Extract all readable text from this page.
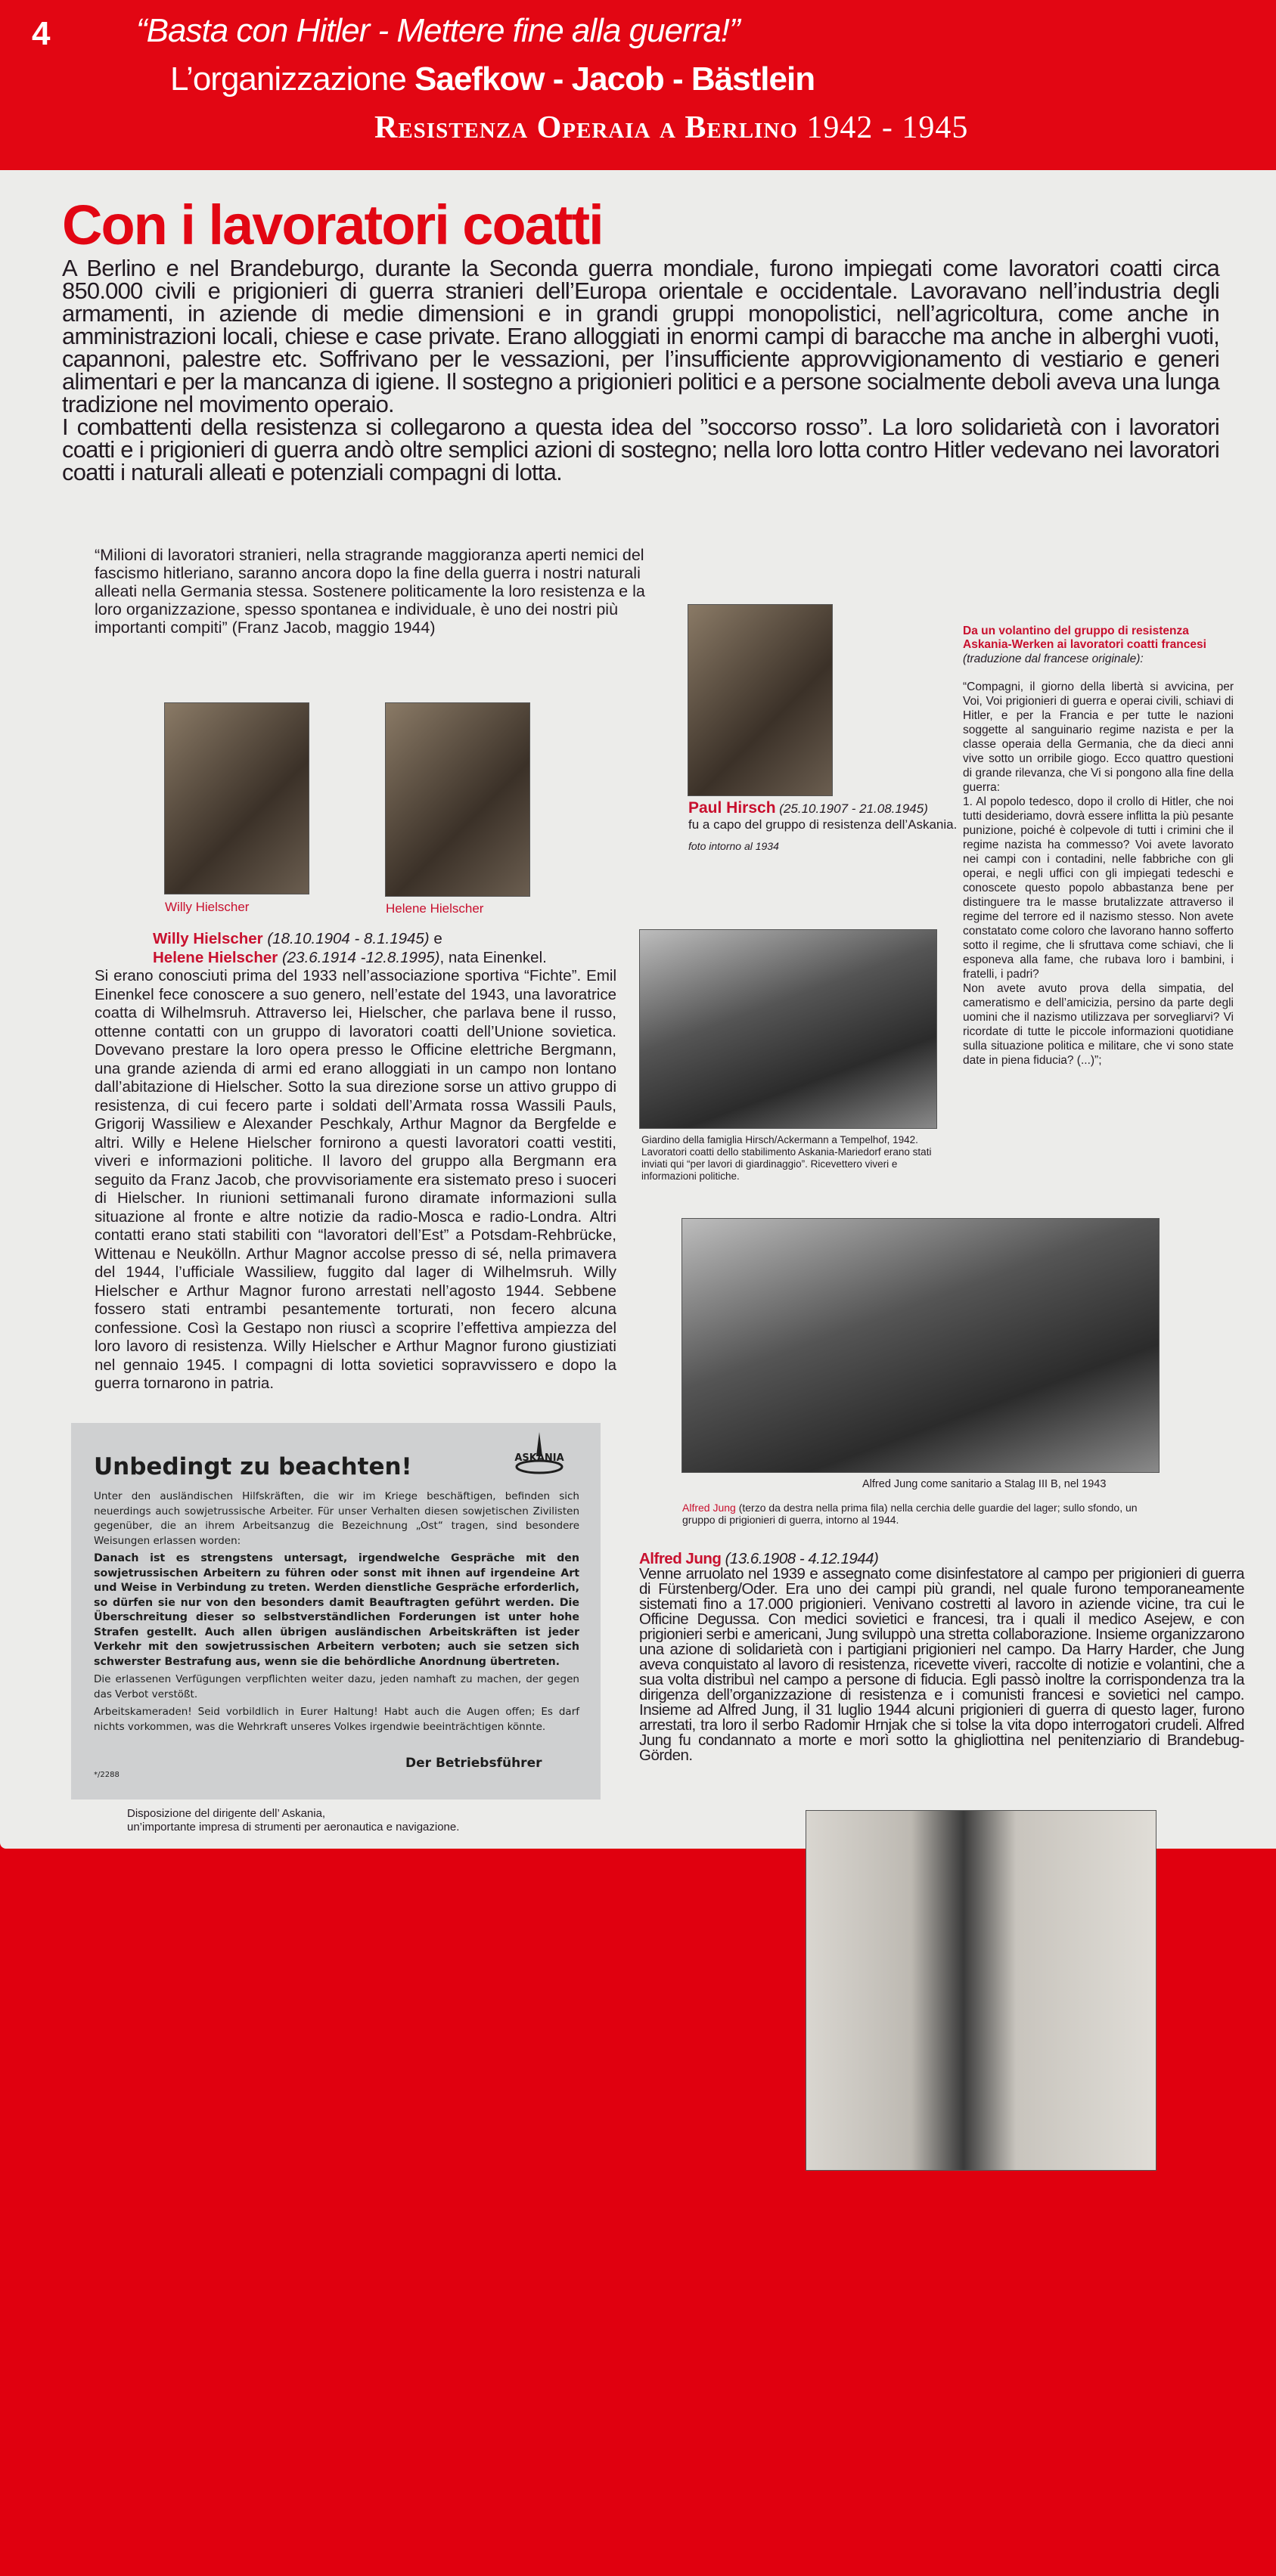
4	“Basta con Hitler - Mettere fine alla guerra!”
L’organizzazione Saefkow - Jacob - Bästlein
Resistenza Operaia a Berlino 1942 - 1945
Con i lavoratori coatti

A Berlino e nel Brandeburgo, durante la Seconda guerra mondiale, furono impiegati come lavoratori coatti circa 850.000 civili e prigionieri di guerra stranieri dell’Europa orientale e occidentale. Lavoravano nell’industria degli armamenti, in aziende di medie dimensioni e in grandi gruppi monopolistici, nell’agricoltura, come anche in amministrazioni locali, chiese e case private. Erano alloggiati in enormi campi di baracche ma anche in alberghi vuoti, capannoni, palestre etc. Soffrivano per le vessazioni, per l’insufficiente approvvigionamento di vestiario e generi alimentari e per la mancanza di igiene. Il sostegno a prigionieri politici e a persone socialmente deboli aveva una lunga tradizione nel movimento operaio.

I combattenti della resistenza si collegarono a questa idea del ”soccorso rosso”. La loro solidarietà con i lavoratori coatti e i prigionieri di guerra andò oltre semplici azioni di sostegno; nella loro lotta contro Hitler vedevano nei lavoratori coatti i naturali alleati e potenziali compagni di lotta.

“Milioni di lavoratori stranieri, nella stragrande maggioranza aperti nemici del fascismo hitleriano, saranno ancora dopo la fine della guerra i nostri naturali alleati nella Germania stessa. Sostenere politicamente la loro resistenza e la loro organizzazione, spesso spontanea e individuale, è uno dei nostri più importanti compiti” (Franz Jacob, maggio 1944)
Willy Hielscher	Helene Hielscher
Willy Hielscher (18.10.1904 - 8.1.1945) e
Helene Hielscher (23.6.1914 -12.8.1995), nata Einenkel.
Si erano conosciuti prima del 1933 nell’associazione sportiva “Fichte”. Emil Einenkel fece conoscere a suo genero, nell’estate del 1943, una lavoratrice coatta di Wilhelmsruh. Attraverso lei, Hielscher, che parlava bene il russo, ottenne contatti con un gruppo di lavoratori coatti dell’Unione sovietica. Dovevano prestare la loro opera presso le Officine elettriche Bergmann, una grande azienda di armi ed erano alloggiati in un campo non lontano dall’abitazione di Hielscher. Sotto la sua direzione sorse un attivo gruppo di resistenza, di cui fecero parte i soldati dell’Armata rossa Wassili Pauls, Grigorij Wassiliew e Alexander Peschkaly, Arthur Magnor da Bergfelde e altri. Willy e Helene Hielscher fornirono a questi lavoratori coatti vestiti, viveri e informazioni politiche. Il lavoro del gruppo alla Bergmann era seguito da Franz Jacob, che provvisoriamente era sistemato preso i suoceri di Hielscher. In riunioni settimanali furono diramate informazioni sulla situazione al fronte e altre notizie da radio-Mosca e radio-Londra. Altri contatti erano stati stabiliti con “lavoratori dell’Est” a Potsdam-Rehbrücke, Wittenau e Neukölln. Arthur Magnor accolse presso di sé, nella primavera del 1944, l’ufficiale Wassiliew, fuggito dal lager di Wilhelmsruh. Willy Hielscher e Arthur Magnor furono arrestati nell’agosto 1944. Sebbene fossero stati entrambi pesantemente torturati, non fecero alcuna confessione. Così la Gestapo non riuscì a scoprire l’effettiva ampiezza del loro lavoro di resistenza. Willy Hielscher e Arthur Magnor furono giustiziati nel gennaio 1945. I compagni di lotta sovietici sopravvissero e dopo la guerra tornarono in patria.
Unbedingt zu beachten!	ASKANIA

Unter den ausländischen Hilfskräften, die wir im Kriege beschäftigen, befinden sich neuerdings auch sowjetrussische Arbeiter. Für unser Verhalten diesen sowjetischen Zivilisten gegenüber, die an ihrem Arbeitsanzug die Bezeichnung „Ost“ tragen, sind besondere Weisungen erlassen worden:

Danach ist es strengstens untersagt, irgendwelche Gespräche mit den sowjetrussischen Arbeitern zu führen oder sonst mit ihnen auf irgendeine Art und Weise in Verbindung zu treten. Werden dienstliche Gespräche erforderlich, so dürfen sie nur von den besonders damit Beauftragten geführt werden. Die Überschreitung dieser so selbstverständlichen Forderungen ist unter hohe Strafen gestellt. Auch allen übrigen ausländischen Arbeitskräften ist jeder Verkehr mit den sowjetrussischen Arbeitern verboten; auch sie setzen sich schwerster Bestrafung aus, wenn sie die behördliche Anordnung übertreten.

Die erlassenen Verfügungen verpflichten weiter dazu, jeden namhaft zu machen, der gegen das Verbot verstößt.

Arbeitskameraden! Seid vorbildlich in Eurer Haltung! Habt auch die Augen offen; Es darf nichts vorkommen, was die Wehrkraft unseres Volkes irgendwie beeinträchtigen könnte.

Der Betriebsführer
*/2288
Disposizione del dirigente dell’ Askania,
un’importante impresa di strumenti per aeronautica e navigazione.
Paul Hirsch (25.10.1907 - 21.08.1945)
fu a capo del gruppo di resistenza dell’Askania.
foto intorno al 1934
Da un volantino del gruppo di resistenza Askania-Werken ai lavoratori coatti francesi
(traduzione dal francese originale):
“Compagni, il giorno della libertà si avvicina, per Voi, Voi prigionieri di guerra e operai civili, schiavi di Hitler, e per la Francia e per tutte le nazioni soggette al sanguinario regime nazista e per la classe operaia della Germania, che da dieci anni vive sotto un orribile giogo. Ecco quattro questioni di grande rilevanza, che Vi si pongono alla fine della guerra:
1. Al popolo tedesco, dopo il crollo di Hitler, che noi tutti desideriamo, dovrà essere inflitta la più pesante punizione, poiché è colpevole di tutti i crimini che il regime nazista ha commesso? Voi avete lavorato nei campi con i contadini, nelle fabbriche con gli operai, e negli uffici con gli impiegati tedeschi e conoscete questo popolo abbastanza bene per distinguere tra le masse brutalizzate attraverso il regime del terrore ed il nazismo stesso. Non avete constatato come coloro che lavorano hanno sofferto sotto il regime, che li sfruttava come schiavi, che li esponeva alla fame, che rubava loro i bambini, i fratelli, i padri?
Non avete avuto prova della simpatia, del cameratismo e dell’amicizia, persino da parte degli uomini che il nazismo utilizzava per sorvegliarvi? Vi ricordate di tutte le piccole informazioni quotidiane sulla situazione politica e militare, che vi sono state date in piena fiducia? (...)”;
Giardino della famiglia Hirsch/Ackermann a Tempelhof, 1942. Lavoratori coatti dello stabilimento Askania-Mariedorf erano stati inviati qui “per lavori di giardinaggio”. Ricevettero viveri e informazioni politiche.
Alfred Jung come sanitario a Stalag III B, nel 1943
Alfred Jung (terzo da destra nella prima fila) nella cerchia delle guardie del lager; sullo sfondo, un gruppo di prigionieri di guerra, intorno al 1944.
Alfred Jung (13.6.1908 - 4.12.1944)
Venne arruolato nel 1939 e assegnato come disinfestatore al campo per prigionieri di guerra di Fürstenberg/Oder. Era uno dei campi più grandi, nel quale furono temporaneamente sistemati fino a 17.000 prigionieri. Venivano costretti al lavoro in aziende vicine, tra cui le Officine Degussa. Con medici sovietici e francesi, tra i quali il medico Asejew, e con prigionieri serbi e americani, Jung sviluppò una stretta collaborazione. Insieme organizzarono una azione di solidarietà con i partigiani prigionieri nel campo. Da Harry Harder, che Jung aveva conquistato al lavoro di resistenza, ricevette viveri, raccolte di notizie e volantini, che a sua volta distribuì nel campo a persone di fiducia. Egli passò inoltre la corrispondenza tra la dirigenza dell’organizzazione di resistenza e i comunisti francesi e sovietici nel campo. Insieme ad Alfred Jung, il 31 luglio 1944 alcuni prigionieri di guerra di questo lager, furono arrestati, tra loro il serbo Radomir Hrnjak che si tolse la vita dopo interrogatori crudeli. Alfred Jung fu condannato a morte e morì sotto la ghigliottina nel penitenziario di Brandebug-Görden.
